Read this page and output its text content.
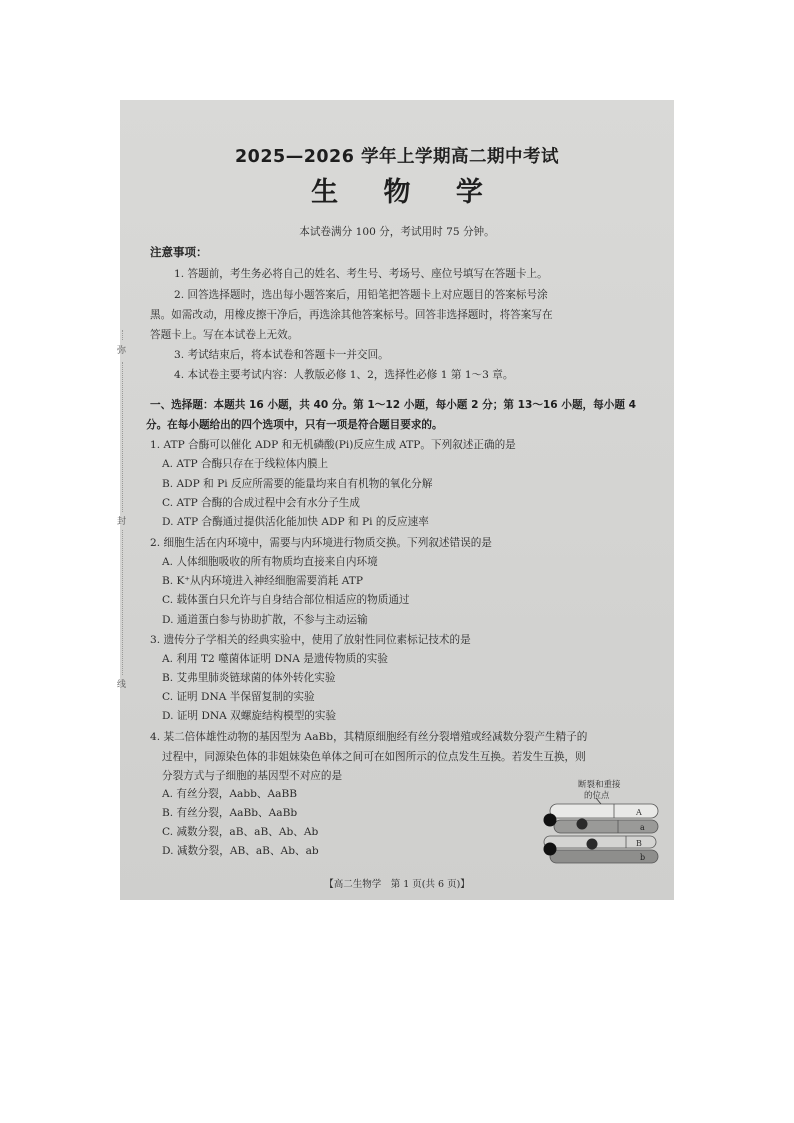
弥
封
线
2025—2026 学年上学期高二期中考试
生 物 学
本试卷满分 100 分，考试用时 75 分钟。
注意事项：
1. 答题前，考生务必将自己的姓名、考生号、考场号、座位号填写在答题卡上。
2. 回答选择题时，选出每小题答案后，用铅笔把答题卡上对应题目的答案标号涂
黑。如需改动，用橡皮擦干净后，再选涂其他答案标号。回答非选择题时，将答案写在
答题卡上。写在本试卷上无效。
3. 考试结束后，将本试卷和答题卡一并交回。
4. 本试卷主要考试内容：人教版必修 1、2，选择性必修 1 第 1～3 章。
一、选择题：本题共 16 小题，共 40 分。第 1～12 小题，每小题 2 分；第 13～16 小题，每小题 4
分。在每小题给出的四个选项中，只有一项是符合题目要求的。
1. ATP 合酶可以催化 ADP 和无机磷酸(Pi)反应生成 ATP。下列叙述正确的是
A. ATP 合酶只存在于线粒体内膜上
B. ADP 和 Pi 反应所需要的能量均来自有机物的氧化分解
C. ATP 合酶的合成过程中会有水分子生成
D. ATP 合酶通过提供活化能加快 ADP 和 Pi 的反应速率
2. 细胞生活在内环境中，需要与内环境进行物质交换。下列叙述错误的是
A. 人体细胞吸收的所有物质均直接来自内环境
B. K⁺从内环境进入神经细胞需要消耗 ATP
C. 载体蛋白只允许与自身结合部位相适应的物质通过
D. 通道蛋白参与协助扩散，不参与主动运输
3. 遗传分子学相关的经典实验中，使用了放射性同位素标记技术的是
A. 利用 T2 噬菌体证明 DNA 是遗传物质的实验
B. 艾弗里肺炎链球菌的体外转化实验
C. 证明 DNA 半保留复制的实验
D. 证明 DNA 双螺旋结构模型的实验
4. 某二倍体雄性动物的基因型为 AaBb，其精原细胞经有丝分裂增殖或经减数分裂产生精子的
过程中，同源染色体的非姐妹染色单体之间可在如图所示的位点发生互换。若发生互换，则
分裂方式与子细胞的基因型不对应的是
A. 有丝分裂，Aabb、AaBB
B. 有丝分裂，AaBb、AaBb
C. 减数分裂，aB、aB、Ab、Ab
D. 减数分裂，AB、aB、Ab、ab
断裂和重接
的位点
A
a
B
b
【高二生物学　第 1 页(共 6 页)】
